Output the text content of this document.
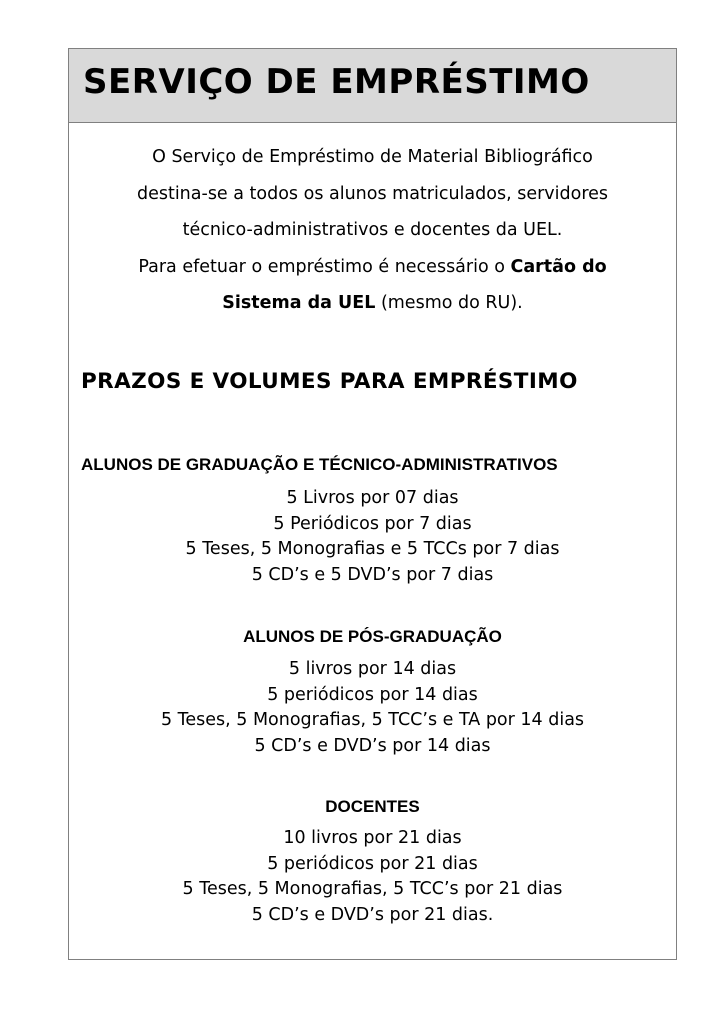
SERVIÇO DE EMPRÉSTIMO

O Serviço de Empréstimo de Material Bibliográfico

destina-se a todos os alunos matriculados, servidores

técnico-administrativos e docentes da UEL.

Para efetuar o empréstimo é necessário o Cartão do

Sistema da UEL (mesmo do RU).

PRAZOS E VOLUMES PARA EMPRÉSTIMO
ALUNOS DE GRADUAÇÃO E TÉCNICO-ADMINISTRATIVOS

5 Livros por 07 dias

5 Periódicos por 7 dias

5 Teses, 5 Monografias e 5 TCCs por 7 dias

5 CD’s e 5 DVD’s por 7 dias

ALUNOS DE PÓS-GRADUAÇÃO

5 livros por 14 dias

5 periódicos por 14 dias

5 Teses, 5 Monografias, 5 TCC’s e TA por 14 dias

5 CD’s e DVD’s por 14 dias

DOCENTES

10 livros por 21 dias

5 periódicos por 21 dias

5 Teses, 5 Monografias, 5 TCC’s por 21 dias

5 CD’s e DVD’s por 21 dias.
